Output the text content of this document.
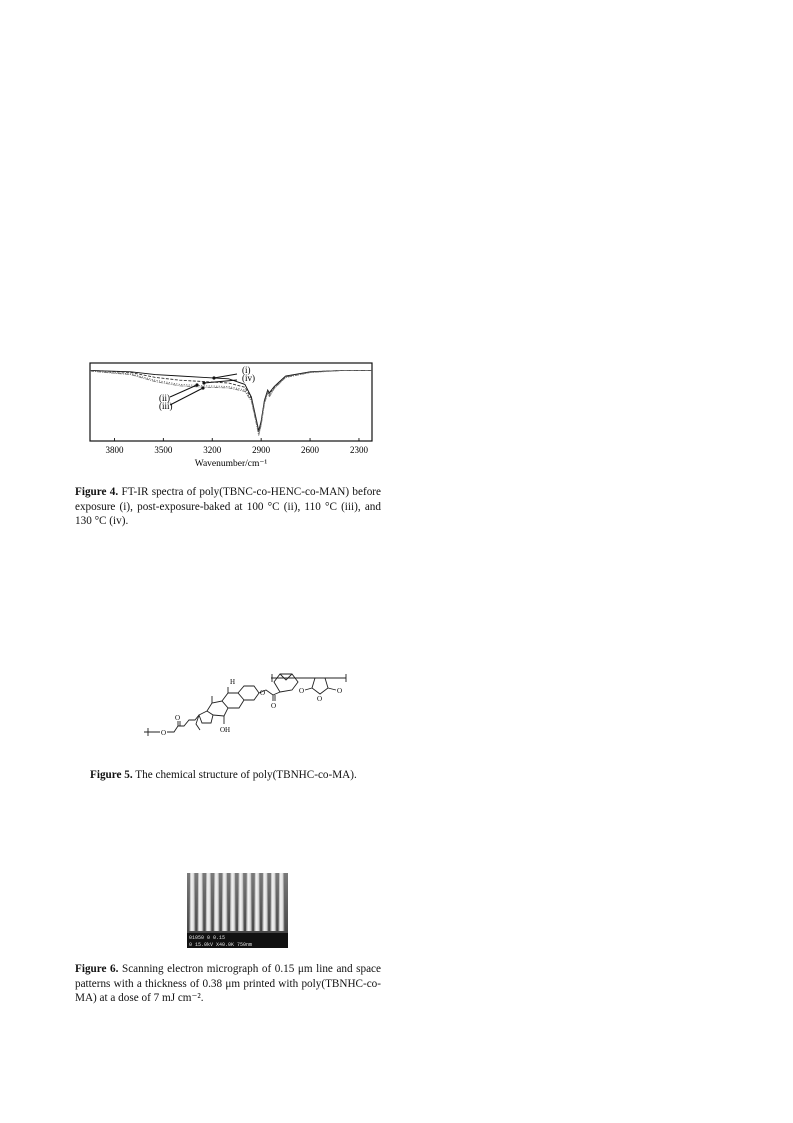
3800	3500	3200	2900	2600	2300
(i)
(iv)
(ii)
(iii)
Wavenumber/cm⁻¹
Figure 4. FT-IR spectra of poly(TBNC-co-HENC-co-MAN) before exposure (i), post-exposure-baked at 100 °C (ii), 110 °C (iii), and 130 °C (iv).
H
OH
O
O
O
O
O
O
O
Figure 5. The chemical structure of poly(TBNHC-co-MA).
01050 0 0.15
0 15.0kV X40.0K 750nm
Figure 6. Scanning electron micrograph of 0.15 μm line and space patterns with a thickness of 0.38 μm printed with poly(TBNHC-co-MA) at a dose of 7 mJ cm⁻².
